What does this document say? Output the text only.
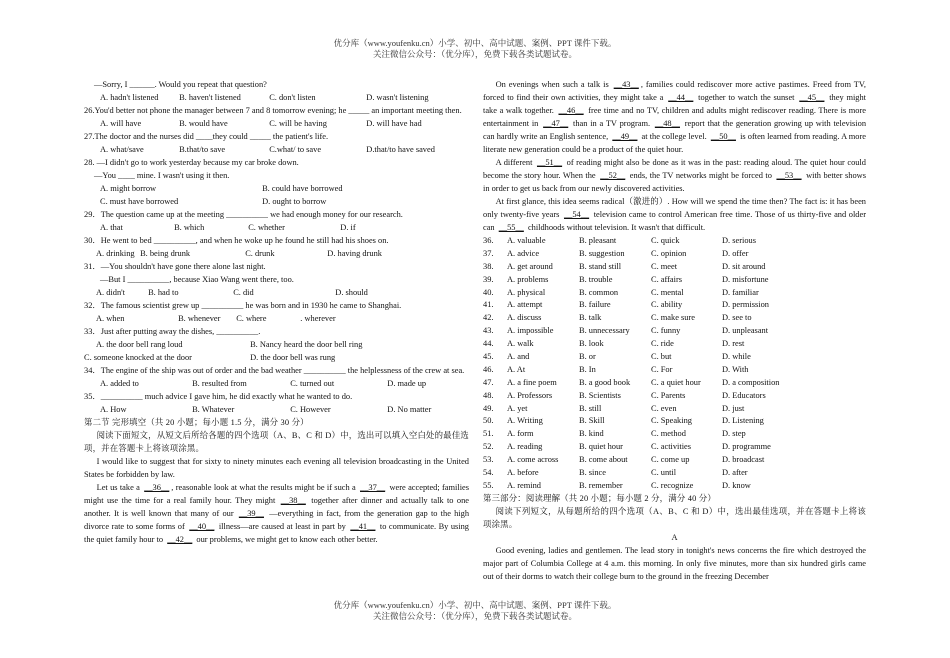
优分库（www.youfenku.cn）小学、初中、高中试题、案例、PPT 课件下载。
关注微信公众号：（优分库），免费下载各类试题试卷。
—Sorry, I ______. Would you repeat that question?
A. hadn't listened B. haven't listened	C. don't listen	D. wasn't listening
26.You'd better not phone the manager between 7 and 8 tomorrow evening; he _____ an important meeting then.
A. will have	B. would have	C. will be having	D. will have had
27.The doctor and the nurses did ____they could _____ the patient's life.
A. what/save	B.that/to save	C.what/ to save	D.that/to have saved
28. —I didn't go to work yesterday because my car broke down.
—You ____ mine. I wasn't using it then.
A. might borrow	B. could have borrowed
C. must have borrowed	D. ought to borrow
29．The question came up at the meeting __________ we had enough money for our research.
A. that	B. which	C. whether	D. if
30．He went to bed __________, and when he woke up he found he still had his shoes on.
A. drinking B. being drunk	C. drunk	D. having drunk
31．—You shouldn't have gone there alone last night.
—But I __________, because Xiao Wang went there, too.
A. didn't	B. had to	C. did	D. should
32．The famous scientist grew up __________ he was born and in 1930 he came to Shanghai.
A. when	B. whenever C. where	. wherever
33．Just after putting away the dishes, __________.
A. the door bell rang loud	B. Nancy heard the door bell ring
C. someone knocked at the door	D. the door bell was rung
34．The engine of the ship was out of order and the bad weather __________ the helplessness of the crew at sea.
A. added to	B. resulted from	C. turned out	D. made up
35．__________ much advice I gave him, he did exactly what he wanted to do.
A. How	B. Whatever	C. However	D. No matter
第二节 完形填空（共 20 小题；每小题 1.5 分，满分 30 分）
阅读下面短文，从短文后所给各题的四个选项（A、B、C 和 D）中，选出可以填入空白处的最佳选项，并在答题卡上将该项涂黑。
I would like to suggest that for sixty to ninety minutes each evening all television broadcasting in the United States be forbidden by law.
Let us take a __36__ , reasonable look at what the results might be if such a __37__ were accepted; families might use the time for a real family hour. They might __38__ together after dinner and actually talk to one another. It is well known that many of our __39__ —everything in fact, from the generation gap to the high divorce rate to some forms of __40__ illness—are caused at least in part by __41__ to communicate. By using the quiet family hour to __42__ our problems, we might get to know each other better.
On evenings when such a talk is __43__ , families could rediscover more active pastimes. Freed from TV, forced to find their own activities, they might take a __44__ together to watch the sunset __45__ they might take a walk together. __46__ free time and no TV, children and adults might rediscover reading. There is more entertainment in __47__ than in a TV program. __48__ report that the generation growing up with television can hardly write an English sentence, __49__ at the college level. __50__ is often learned from reading. A more literate new generation could be a product of the quiet hour.
A different __51__ of reading might also be done as it was in the past: reading aloud. The quiet hour could become the story hour. When the __52__ ends, the TV networks might be forced to __53__ with better shows in order to get us back from our newly discovered activities.
At first glance, this idea seems radical（激进的）. How will we spend the time then? The fact is: it has been only twenty-five years __54__ television came to control American free time. Those of us thirty-five and older can __55__ childhoods without television. It wasn't that difficult.
36. A. valuable	B. pleasant	C. quick	D. serious
37. A. advice	B. suggestion	C. opinion	D. offer
38. A. get around	B. stand still	C. meet	D. sit around
39. A. problems	B. trouble	C. affairs	D. misfortune
40. A. physical	B. common	C. mental	D. familiar
41. A. attempt	B. failure	C. ability	D. permission
42. A. discuss	B. talk	C. make sure	D. see to
43. A. impossible	B. unnecessary	C. funny	D. unpleasant
44. A. walk	B. look	C. ride	D. rest
45. A. and	B. or	C. but	D. while
46. A. At	B. In	C. For	D. With
47. A. a fine poem	B. a good book C. a quiet hour	D. a composition
48. A. Professors	B. Scientists	C. Parents	D. Educators
49. A. yet	B. still	C. even	D. just
50. A. Writing	B. Skill	C. Speaking	D. Listening
51. A. form	B. kind	C. method	D. step
52. A. reading	B. quiet hour	C. activities	D. programme
53. A. come across B. come about	C. come up	D. broadcast
54. A. before	B. since	C. until	D. after
55. A. remind	B. remember	C. recognize	D. know
第三部分：阅读理解（共 20 小题；每小题 2 分，满分 40 分）
阅读下列短文，从每题所给的四个选项（A、B、C 和 D）中，选出最佳选项，并在答题卡上将该项涂黑。
A
Good evening, ladies and gentlemen. The lead story in tonight's news concerns the fire which destroyed the major part of Columbia College at 4 a.m. this morning. In only five minutes, more than six hundred girls came out of their dorms to watch their college burn to the ground in the freezing December
优分库（www.youfenku.cn）小学、初中、高中试题、案例、PPT 课件下载。
关注微信公众号：（优分库），免费下载各类试题试卷。
